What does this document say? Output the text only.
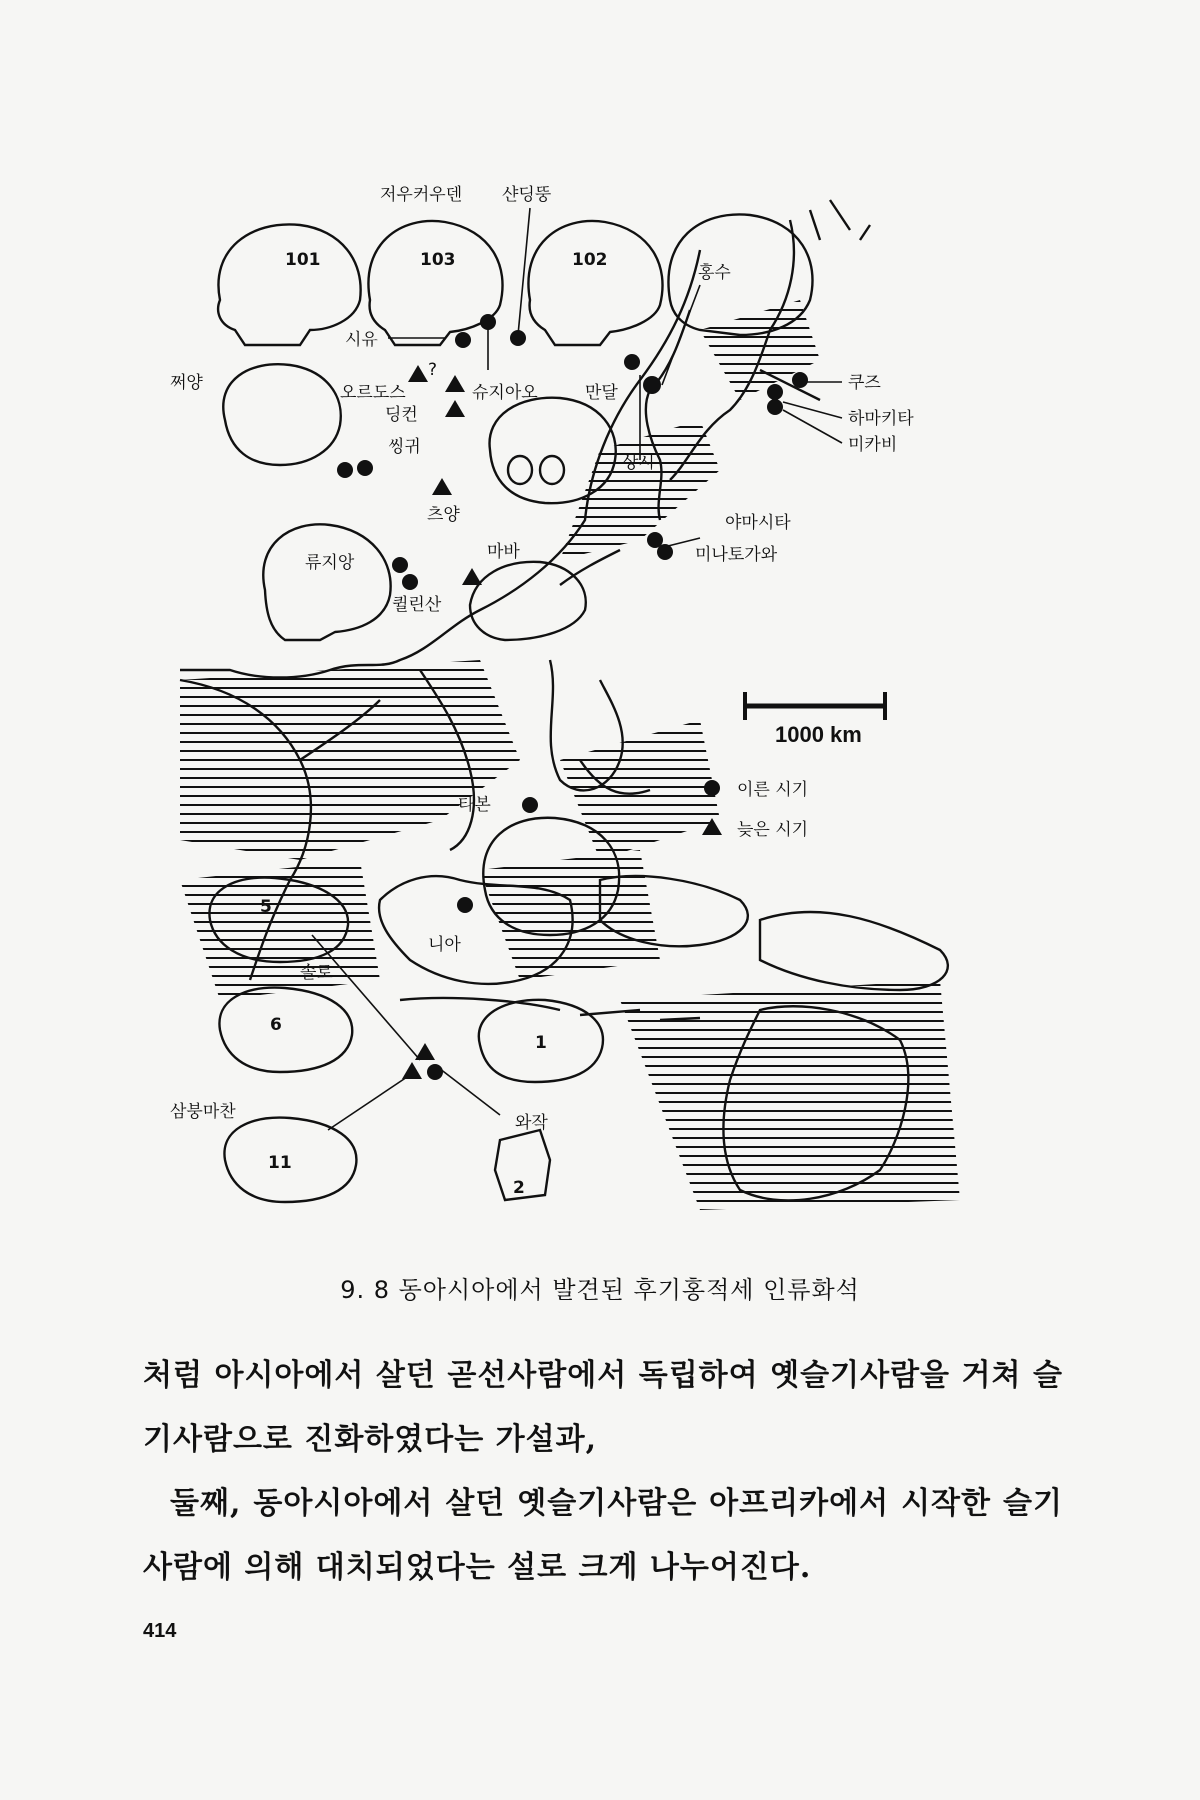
저우커우덴 샨딩뚱
시유
오르도스
?
딩컨
씽귀
슈지아오	만달
쩌양
츠양
홍수
상시
쿠즈
하마키타
미카비
야마시타
미나토가와
류지앙
마바
퀼린산
타본
니아
솔로
삼붕마찬
와작
101	103	102
5
6
1
11
2
1000 km
이른 시기
늦은 시기
9. 8 동아시아에서 발견된 후기홍적세 인류화석
처럼 아시아에서 살던 곧선사람에서 독립하여 옛슬기사람을 거쳐 슬
기사람으로 진화하였다는 가설과,
둘째, 동아시아에서 살던 옛슬기사람은 아프리카에서 시작한 슬기
사람에 의해 대치되었다는 설로 크게 나누어진다.
414
